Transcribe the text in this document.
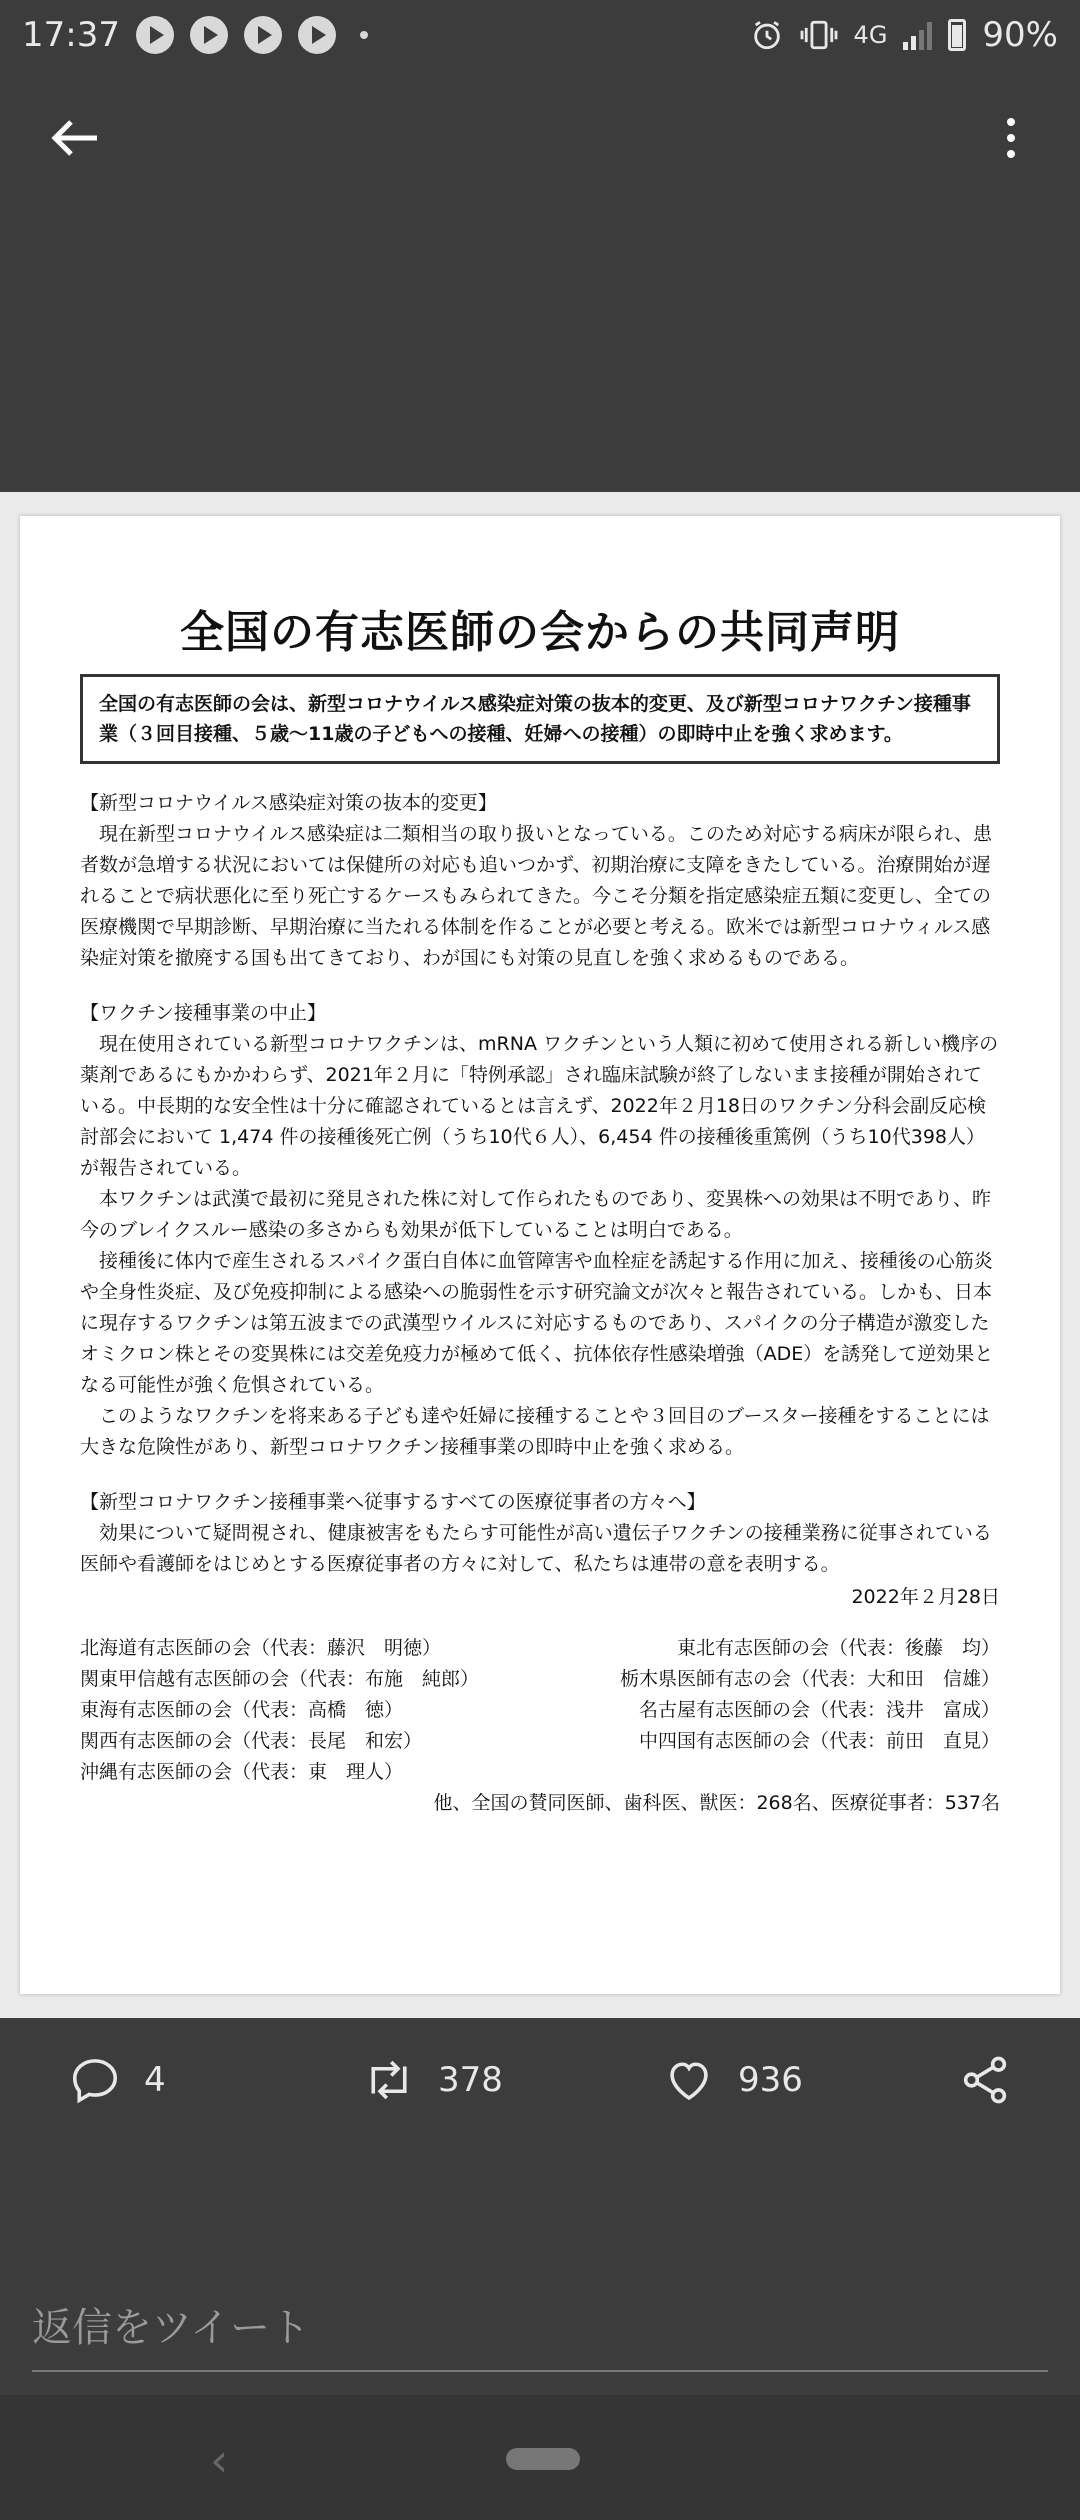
17:37	4G	90%
全国の有志医師の会からの共同声明
全国の有志医師の会は、新型コロナウイルス感染症対策の抜本的変更、及び新型コロナワクチン接種事業（３回目接種、５歳～11歳の子どもへの接種、妊婦への接種）の即時中止を強く求めます。
【新型コロナウイルス感染症対策の抜本的変更】

現在新型コロナウイルス感染症は二類相当の取り扱いとなっている。このため対応する病床が限られ、患者数が急増する状況においては保健所の対応も追いつかず、初期治療に支障をきたしている。治療開始が遅れることで病状悪化に至り死亡するケースもみられてきた。今こそ分類を指定感染症五類に変更し、全ての医療機関で早期診断、早期治療に当たれる体制を作ることが必要と考える。欧米では新型コロナウィルス感染症対策を撤廃する国も出てきており、わが国にも対策の見直しを強く求めるものである。

【ワクチン接種事業の中止】

現在使用されている新型コロナワクチンは、mRNA ワクチンという人類に初めて使用される新しい機序の薬剤であるにもかかわらず、2021年２月に「特例承認」され臨床試験が終了しないまま接種が開始されている。中長期的な安全性は十分に確認されているとは言えず、2022年２月18日のワクチン分科会副反応検討部会において 1,474 件の接種後死亡例（うち10代６人）、6,454 件の接種後重篤例（うち10代398人）が報告されている。

本ワクチンは武漢で最初に発見された株に対して作られたものであり、変異株への効果は不明であり、昨今のブレイクスルー感染の多さからも効果が低下していることは明白である。

接種後に体内で産生されるスパイク蛋白自体に血管障害や血栓症を誘起する作用に加え、接種後の心筋炎や全身性炎症、及び免疫抑制による感染への脆弱性を示す研究論文が次々と報告されている。しかも、日本に現存するワクチンは第五波までの武漢型ウイルスに対応するものであり、スパイクの分子構造が激変したオミクロン株とその変異株には交差免疫力が極めて低く、抗体依存性感染増強（ADE）を誘発して逆効果となる可能性が強く危惧されている。

このようなワクチンを将来ある子ども達や妊婦に接種することや３回目のブースター接種をすることには大きな危険性があり、新型コロナワクチン接種事業の即時中止を強く求める。

【新型コロナワクチン接種事業へ従事するすべての医療従事者の方々へ】

効果について疑問視され、健康被害をもたらす可能性が高い遺伝子ワクチンの接種業務に従事されている医師や看護師をはじめとする医療従事者の方々に対して、私たちは連帯の意を表明する。

2022年２月28日
北海道有志医師の会（代表：藤沢　明徳）	東北有志医師の会（代表：後藤　均）
関東甲信越有志医師の会（代表：布施　純郎）	栃木県医師有志の会（代表：大和田　信雄）
東海有志医師の会（代表：高橋　徳）	名古屋有志医師の会（代表：浅井　富成）
関西有志医師の会（代表：長尾　和宏）	中四国有志医師の会（代表：前田　直見）
沖縄有志医師の会（代表：東　理人）
他、全国の賛同医師、歯科医、獣医：268名、医療従事者：537名
4	378	936
返信をツイート
‹
